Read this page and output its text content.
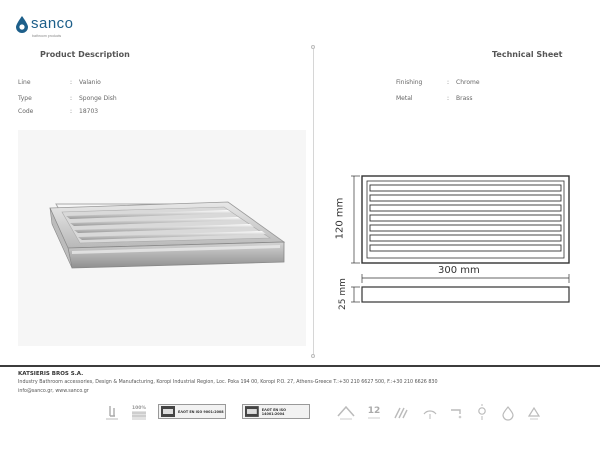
sanco
bathroom products
Product Description	Technical Sheet
Line	: Valanio
Type	: Sponge Dish
Code	: 18703
Finishing	: Chrome
Metal	: Brass
120 mm
300 mm
25 mm
KATSIERIS BROS S.A.
Industry Bathroom accessories, Design & Manufacturing, Koropi Industrial Region, Loc. Poka 194 00, Koropi P.O. 27, Athens-Greece T.:+30 210 6627 500, F.:+30 210 6626 830
info@sanco.gr, www.sanco.gr
100%
ΕΛΟΤ ΕΝ ISO 9001:2008	ΕΛΟΤ ΕΝ ISO 14001:2004	12
